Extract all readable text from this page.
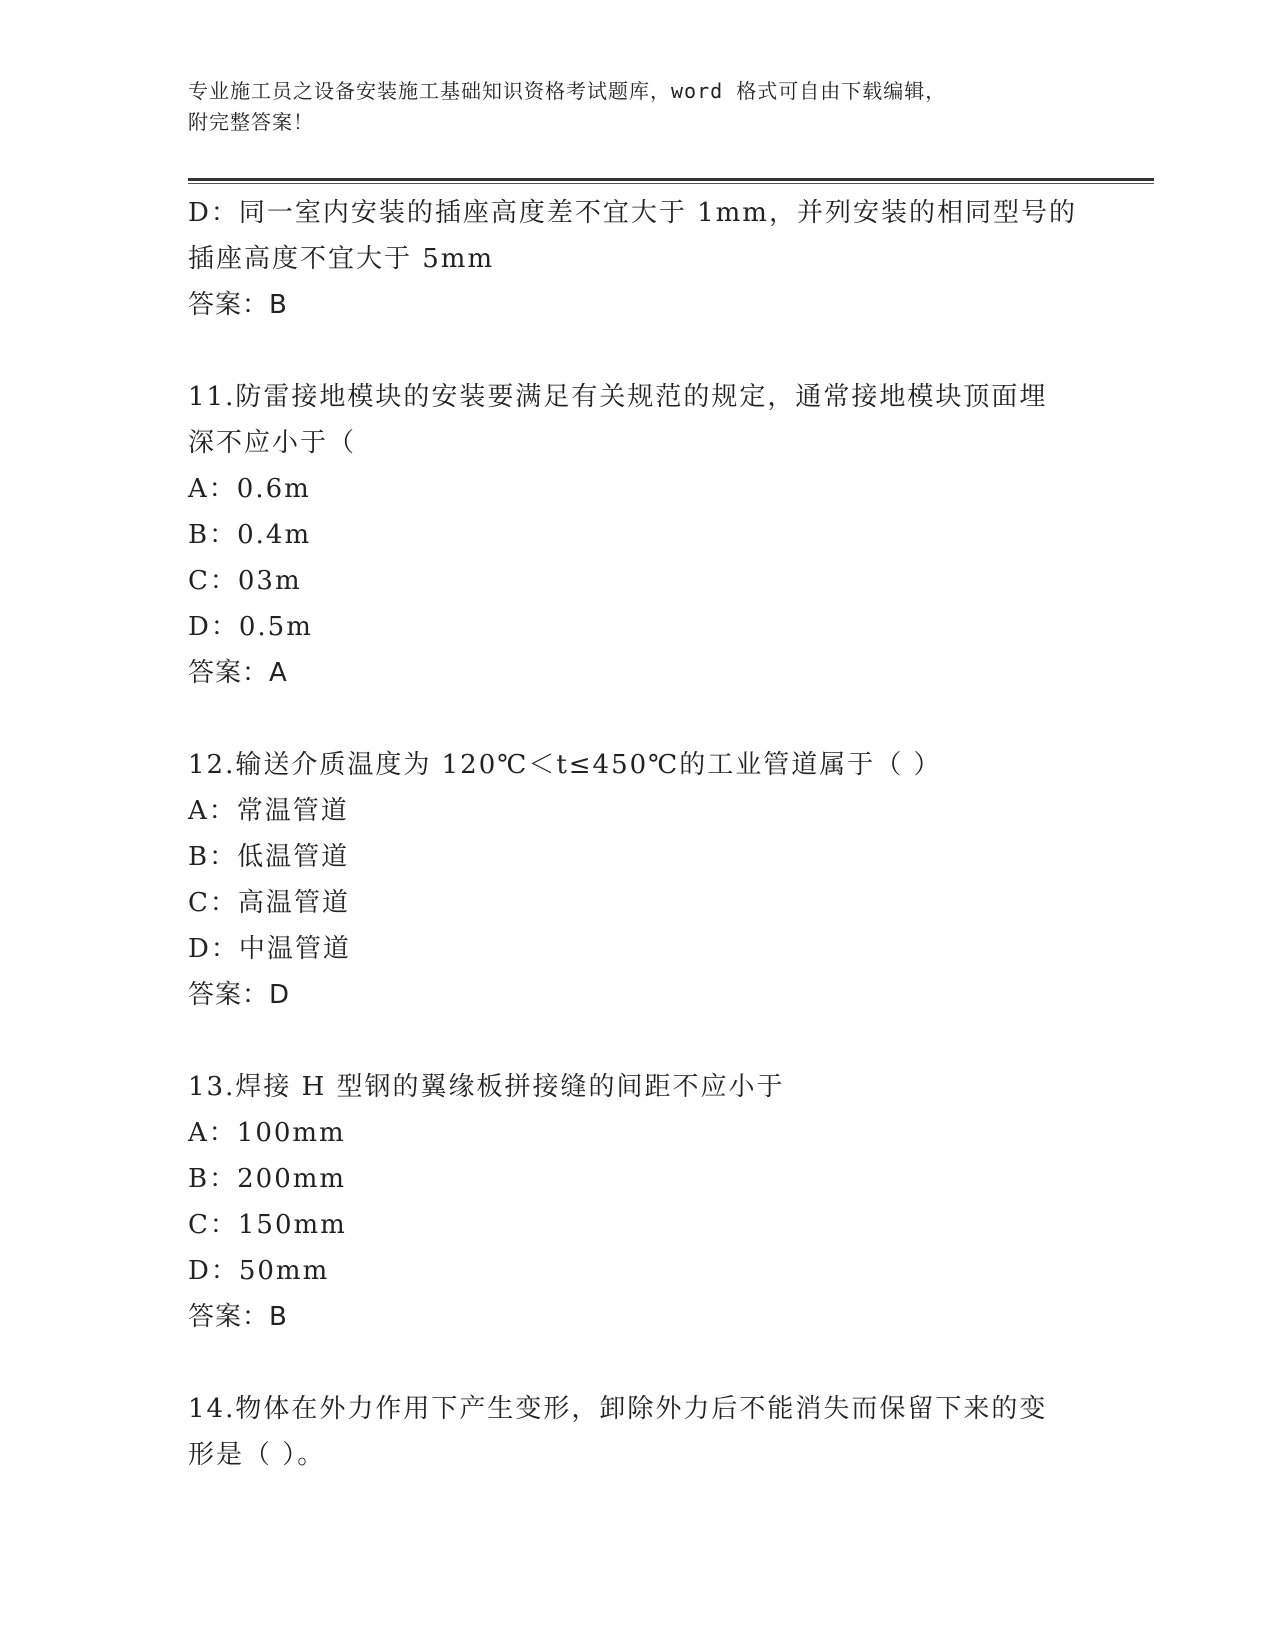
专业施工员之设备安装施工基础知识资格考试题库，word 格式可自由下载编辑，
附完整答案！
D：同一室内安装的插座高度差不宜大于 1mm，并列安装的相同型号的
插座高度不宜大于 5mm
答案：B
11.防雷接地模块的安装要满足有关规范的规定，通常接地模块顶面埋
深不应小于（
A：0.6m
B：0.4m
C：03m
D：0.5m
答案：A
12.输送介质温度为 120℃＜t≤450℃的工业管道属于（ ）
A：常温管道
B：低温管道
C：高温管道
D：中温管道
答案：D
13.焊接 H 型钢的翼缘板拼接缝的间距不应小于
A：100mm
B：200mm
C：150mm
D：50mm
答案：B
14.物体在外力作用下产生变形，卸除外力后不能消失而保留下来的变
形是（ ）。
